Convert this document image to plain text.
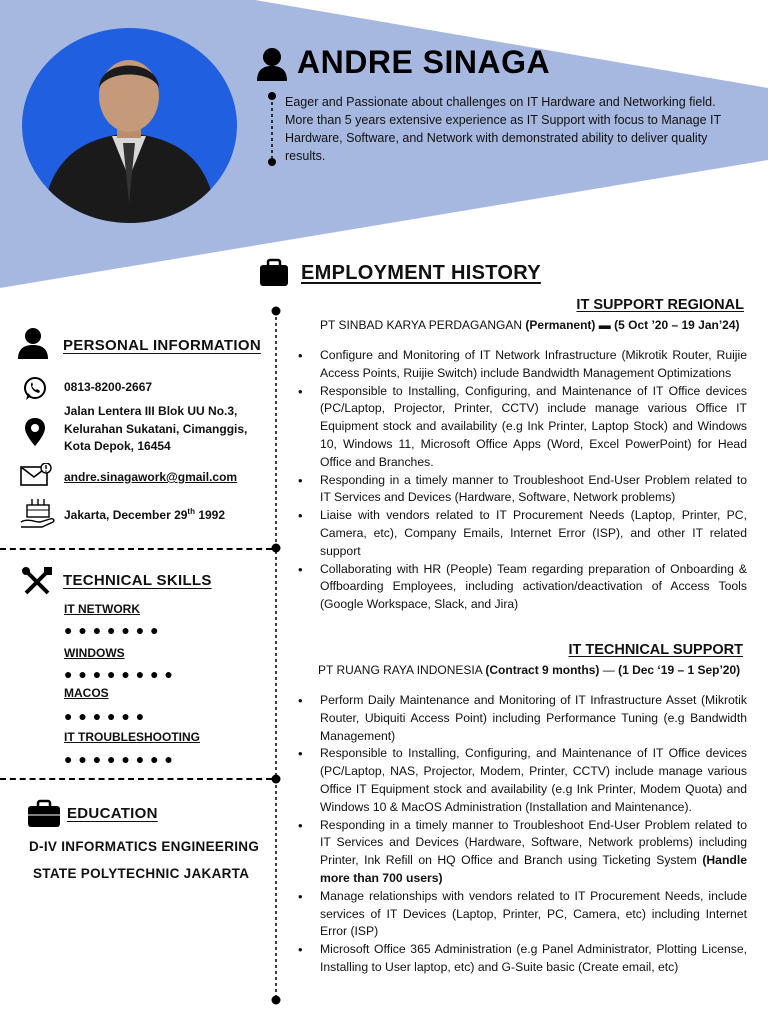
ANDRE SINAGA
Eager and Passionate about challenges on IT Hardware and Networking field. More than 5 years extensive experience as IT Support with focus to Manage IT Hardware, Software, and Network with demonstrated ability to deliver quality results.
EMPLOYMENT HISTORY
PERSONAL INFORMATION
0813-8200-2667
Jalan Lentera III Blok UU No.3,
Kelurahan Sukatani, Cimanggis,
Kota Depok, 16454
andre.sinagawork@gmail.com
Jakarta, December 29th 1992
TECHNICAL SKILLS
IT NETWORK
● ● ● ● ● ● ●
WINDOWS
● ● ● ● ● ● ● ●
MACOS
● ● ● ● ● ●
IT TROUBLESHOOTING
● ● ● ● ● ● ● ●
EDUCATION
D-IV INFORMATICS ENGINEERING
STATE POLYTECHNIC JAKARTA
IT SUPPORT REGIONAL
PT SINBAD KARYA PERDAGANGAN (Permanent) ▬ (5 Oct ’20 – 19 Jan’24)
• Configure and Monitoring of IT Network Infrastructure (Mikrotik Router, Ruijie Access Points, Ruijie Switch) include Bandwidth Management Optimizations
• Responsible to Installing, Configuring, and Maintenance of IT Office devices (PC/Laptop, Projector, Printer, CCTV) include manage various Office IT Equipment stock and availability (e.g Ink Printer, Laptop Stock) and Windows 10, Windows 11, Microsoft Office Apps (Word, Excel PowerPoint) for Head Office and Branches.
• Responding in a timely manner to Troubleshoot End-User Problem related to IT Services and Devices (Hardware, Software, Network problems)
• Liaise with vendors related to IT Procurement Needs (Laptop, Printer, PC, Camera, etc), Company Emails, Internet Error (ISP), and other IT related support
• Collaborating with HR (People) Team regarding preparation of Onboarding & Offboarding Employees, including activation/deactivation of Access Tools (Google Workspace, Slack, and Jira)
IT TECHNICAL SUPPORT
PT RUANG RAYA INDONESIA (Contract 9 months) — (1 Dec ‘19 – 1 Sep’20)
• Perform Daily Maintenance and Monitoring of IT Infrastructure Asset (Mikrotik Router, Ubiquiti Access Point) including Performance Tuning (e.g Bandwidth Management)
• Responsible to Installing, Configuring, and Maintenance of IT Office devices (PC/Laptop, NAS, Projector, Modem, Printer, CCTV) include manage various Office IT Equipment stock and availability (e.g Ink Printer, Modem Quota) and Windows 10 & MacOS Administration (Installation and Maintenance).
• Responding in a timely manner to Troubleshoot End-User Problem related to IT Services and Devices (Hardware, Software, Network problems) including Printer, Ink Refill on HQ Office and Branch using Ticketing System (Handle more than 700 users)
• Manage relationships with vendors related to IT Procurement Needs, include services of IT Devices (Laptop, Printer, PC, Camera, etc) including Internet Error (ISP)
• Microsoft Office 365 Administration (e.g Panel Administrator, Plotting License, Installing to User laptop, etc) and G-Suite basic (Create email, etc)
